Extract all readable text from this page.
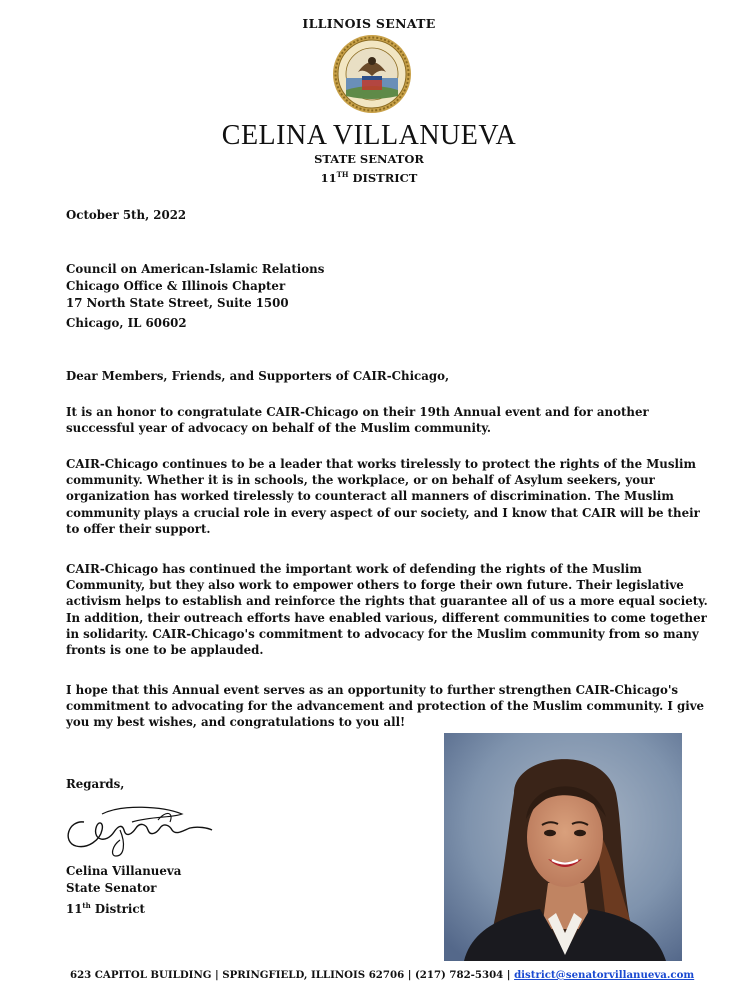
ILLINOIS SENATE
CELINA VILLANUEVA
STATE SENATOR
11TH DISTRICT
October 5th, 2022
Council on American-Islamic Relations
Chicago Office & Illinois Chapter
17 North State Street, Suite 1500
Chicago, IL 60602
Dear Members, Friends, and Supporters of CAIR-Chicago,
It is an honor to congratulate CAIR-Chicago on their 19th Annual event and for another
successful year of advocacy on behalf of the Muslim community.
CAIR-Chicago continues to be a leader that works tirelessly to protect the rights of the Muslim
community. Whether it is in schools, the workplace, or on behalf of Asylum seekers, your
organization has worked tirelessly to counteract all manners of discrimination. The Muslim
community plays a crucial role in every aspect of our society, and I know that CAIR will be their
to offer their support.
CAIR-Chicago has continued the important work of defending the rights of the Muslim
Community, but they also work to empower others to forge their own future. Their legislative
activism helps to establish and reinforce the rights that guarantee all of us a more equal society.
In addition, their outreach efforts have enabled various, different communities to come together
in solidarity. CAIR-Chicago's commitment to advocacy for the Muslim community from so many
fronts is one to be applauded.
I hope that this Annual event serves as an opportunity to further strengthen CAIR-Chicago's
commitment to advocating for the advancement and protection of the Muslim community. I give
you my best wishes, and congratulations to you all!
Regards,
Celina Villanueva
State Senator
11th District
623 CAPITOL BUILDING | SPRINGFIELD, ILLINOIS 62706 | (217) 782-5304 | district@senatorvillanueva.com
